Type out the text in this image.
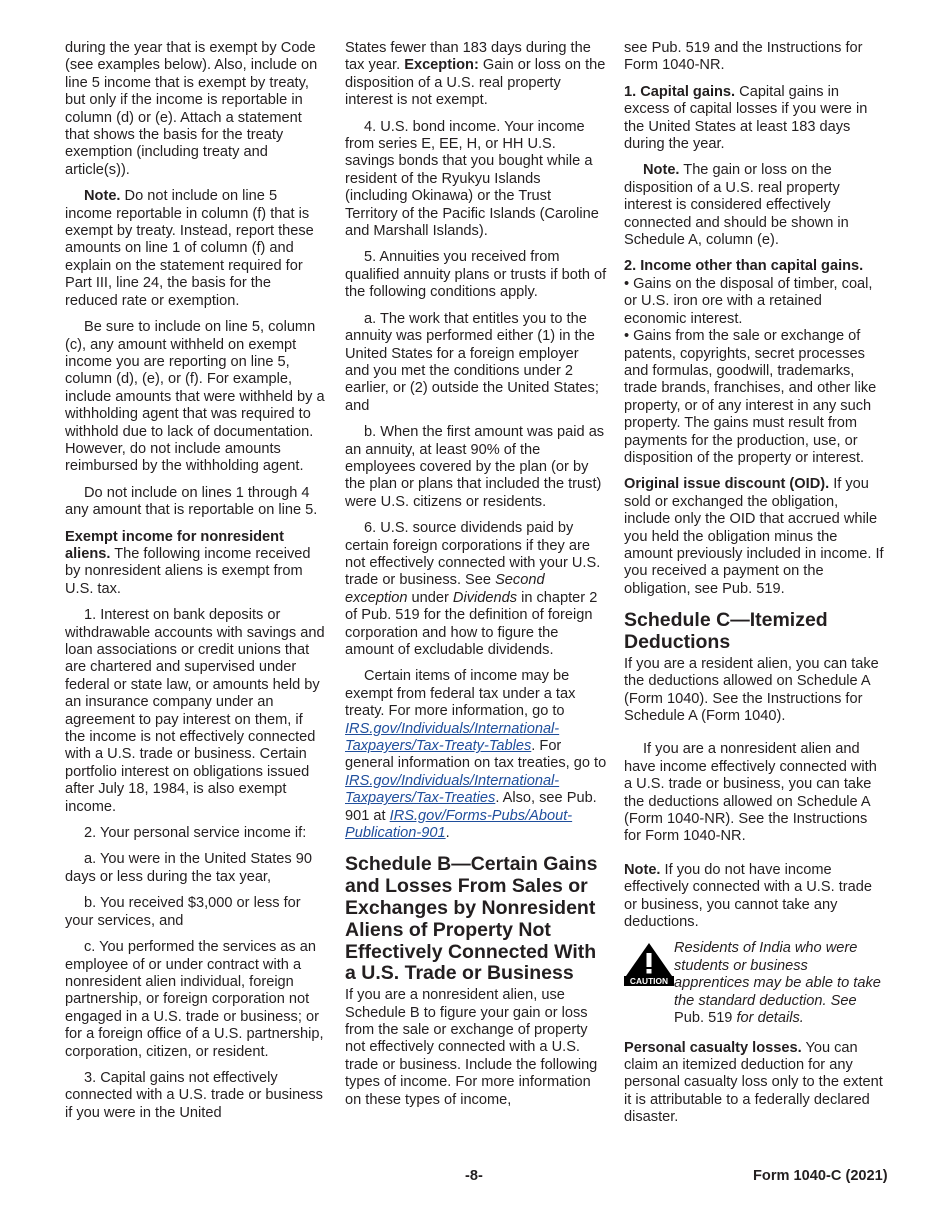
during the year that is exempt by Code (see examples below). Also, include on line 5 income that is exempt by treaty, but only if the income is reportable in column (d) or (e). Attach a statement that shows the basis for the treaty exemption (including treaty and article(s)).

Note. Do not include on line 5 income reportable in column (f) that is exempt by treaty. Instead, report these amounts on line 1 of column (f) and explain on the statement required for Part III, line 24, the basis for the reduced rate or exemption.

Be sure to include on line 5, column (c), any amount withheld on exempt income you are reporting on line 5, column (d), (e), or (f). For example, include amounts that were withheld by a withholding agent that was required to withhold due to lack of documentation. However, do not include amounts reimbursed by the withholding agent.

Do not include on lines 1 through 4 any amount that is reportable on line 5.

Exempt income for nonresident aliens. The following income received by nonresident aliens is exempt from U.S. tax.

1. Interest on bank deposits or withdrawable accounts with savings and loan associations or credit unions that are chartered and supervised under federal or state law, or amounts held by an insurance company under an agreement to pay interest on them, if the income is not effectively connected with a U.S. trade or business. Certain portfolio interest on obligations issued after July 18, 1984, is also exempt income.

2. Your personal service income if:

a. You were in the United States 90 days or less during the tax year,

b. You received $3,000 or less for your services, and

c. You performed the services as an employee of or under contract with a nonresident alien individual, foreign partnership, or foreign corporation not engaged in a U.S. trade or business; or for a foreign office of a U.S. partnership, corporation, citizen, or resident.

3. Capital gains not effectively connected with a U.S. trade or business if you were in the United

States fewer than 183 days during the tax year. Exception: Gain or loss on the disposition of a U.S. real property interest is not exempt.

4. U.S. bond income. Your income from series E, EE, H, or HH U.S. savings bonds that you bought while a resident of the Ryukyu Islands (including Okinawa) or the Trust Territory of the Pacific Islands (Caroline and Marshall Islands).

5. Annuities you received from qualified annuity plans or trusts if both of the following conditions apply.

a. The work that entitles you to the annuity was performed either (1) in the United States for a foreign employer and you met the conditions under 2 earlier, or (2) outside the United States; and

b. When the first amount was paid as an annuity, at least 90% of the employees covered by the plan (or by the plan or plans that included the trust) were U.S. citizens or residents.

6. U.S. source dividends paid by certain foreign corporations if they are not effectively connected with your U.S. trade or business. See Second exception under Dividends in chapter 2 of Pub. 519 for the definition of foreign corporation and how to figure the amount of excludable dividends.

Certain items of income may be exempt from federal tax under a tax treaty. For more information, go to IRS.gov/Individuals/International-Taxpayers/Tax-Treaty-Tables. For general information on tax treaties, go to IRS.gov/Individuals/International-Taxpayers/Tax-Treaties. Also, see Pub. 901 at IRS.gov/Forms-Pubs/About-Publication-901.

Schedule B—Certain Gains and Losses From Sales or Exchanges by Nonresident Aliens of Property Not Effectively Connected With a U.S. Trade or Business

If you are a nonresident alien, use Schedule B to figure your gain or loss from the sale or exchange of property not effectively connected with a U.S. trade or business. Include the following types of income. For more information on these types of income,

see Pub. 519 and the Instructions for Form 1040-NR.

1. Capital gains. Capital gains in excess of capital losses if you were in the United States at least 183 days during the year.

Note. The gain or loss on the disposition of a U.S. real property interest is considered effectively connected and should be shown in Schedule A, column (e).

2. Income other than capital gains.

• Gains on the disposal of timber, coal, or U.S. iron ore with a retained economic interest.

• Gains from the sale or exchange of patents, copyrights, secret processes and formulas, goodwill, trademarks, trade brands, franchises, and other like property, or of any interest in any such property. The gains must result from payments for the production, use, or disposition of the property or interest.

Original issue discount (OID). If you sold or exchanged the obligation, include only the OID that accrued while you held the obligation minus the amount previously included in income. If you received a payment on the obligation, see Pub. 519.

Schedule C—Itemized Deductions

If you are a resident alien, you can take the deductions allowed on Schedule A (Form 1040). See the Instructions for Schedule A (Form 1040).

If you are a nonresident alien and have income effectively connected with a U.S. trade or business, you can take the deductions allowed on Schedule A (Form 1040-NR). See the Instructions for Form 1040-NR.

Note. If you do not have income effectively connected with a U.S. trade or business, you cannot take any deductions.

CAUTION
Residents of India who were students or business apprentices may be able to take the standard deduction. See Pub. 519 for details.

Personal casualty losses. You can claim an itemized deduction for any personal casualty loss only to the extent it is attributable to a federally declared disaster.

-8-	Form 1040-C (2021)
